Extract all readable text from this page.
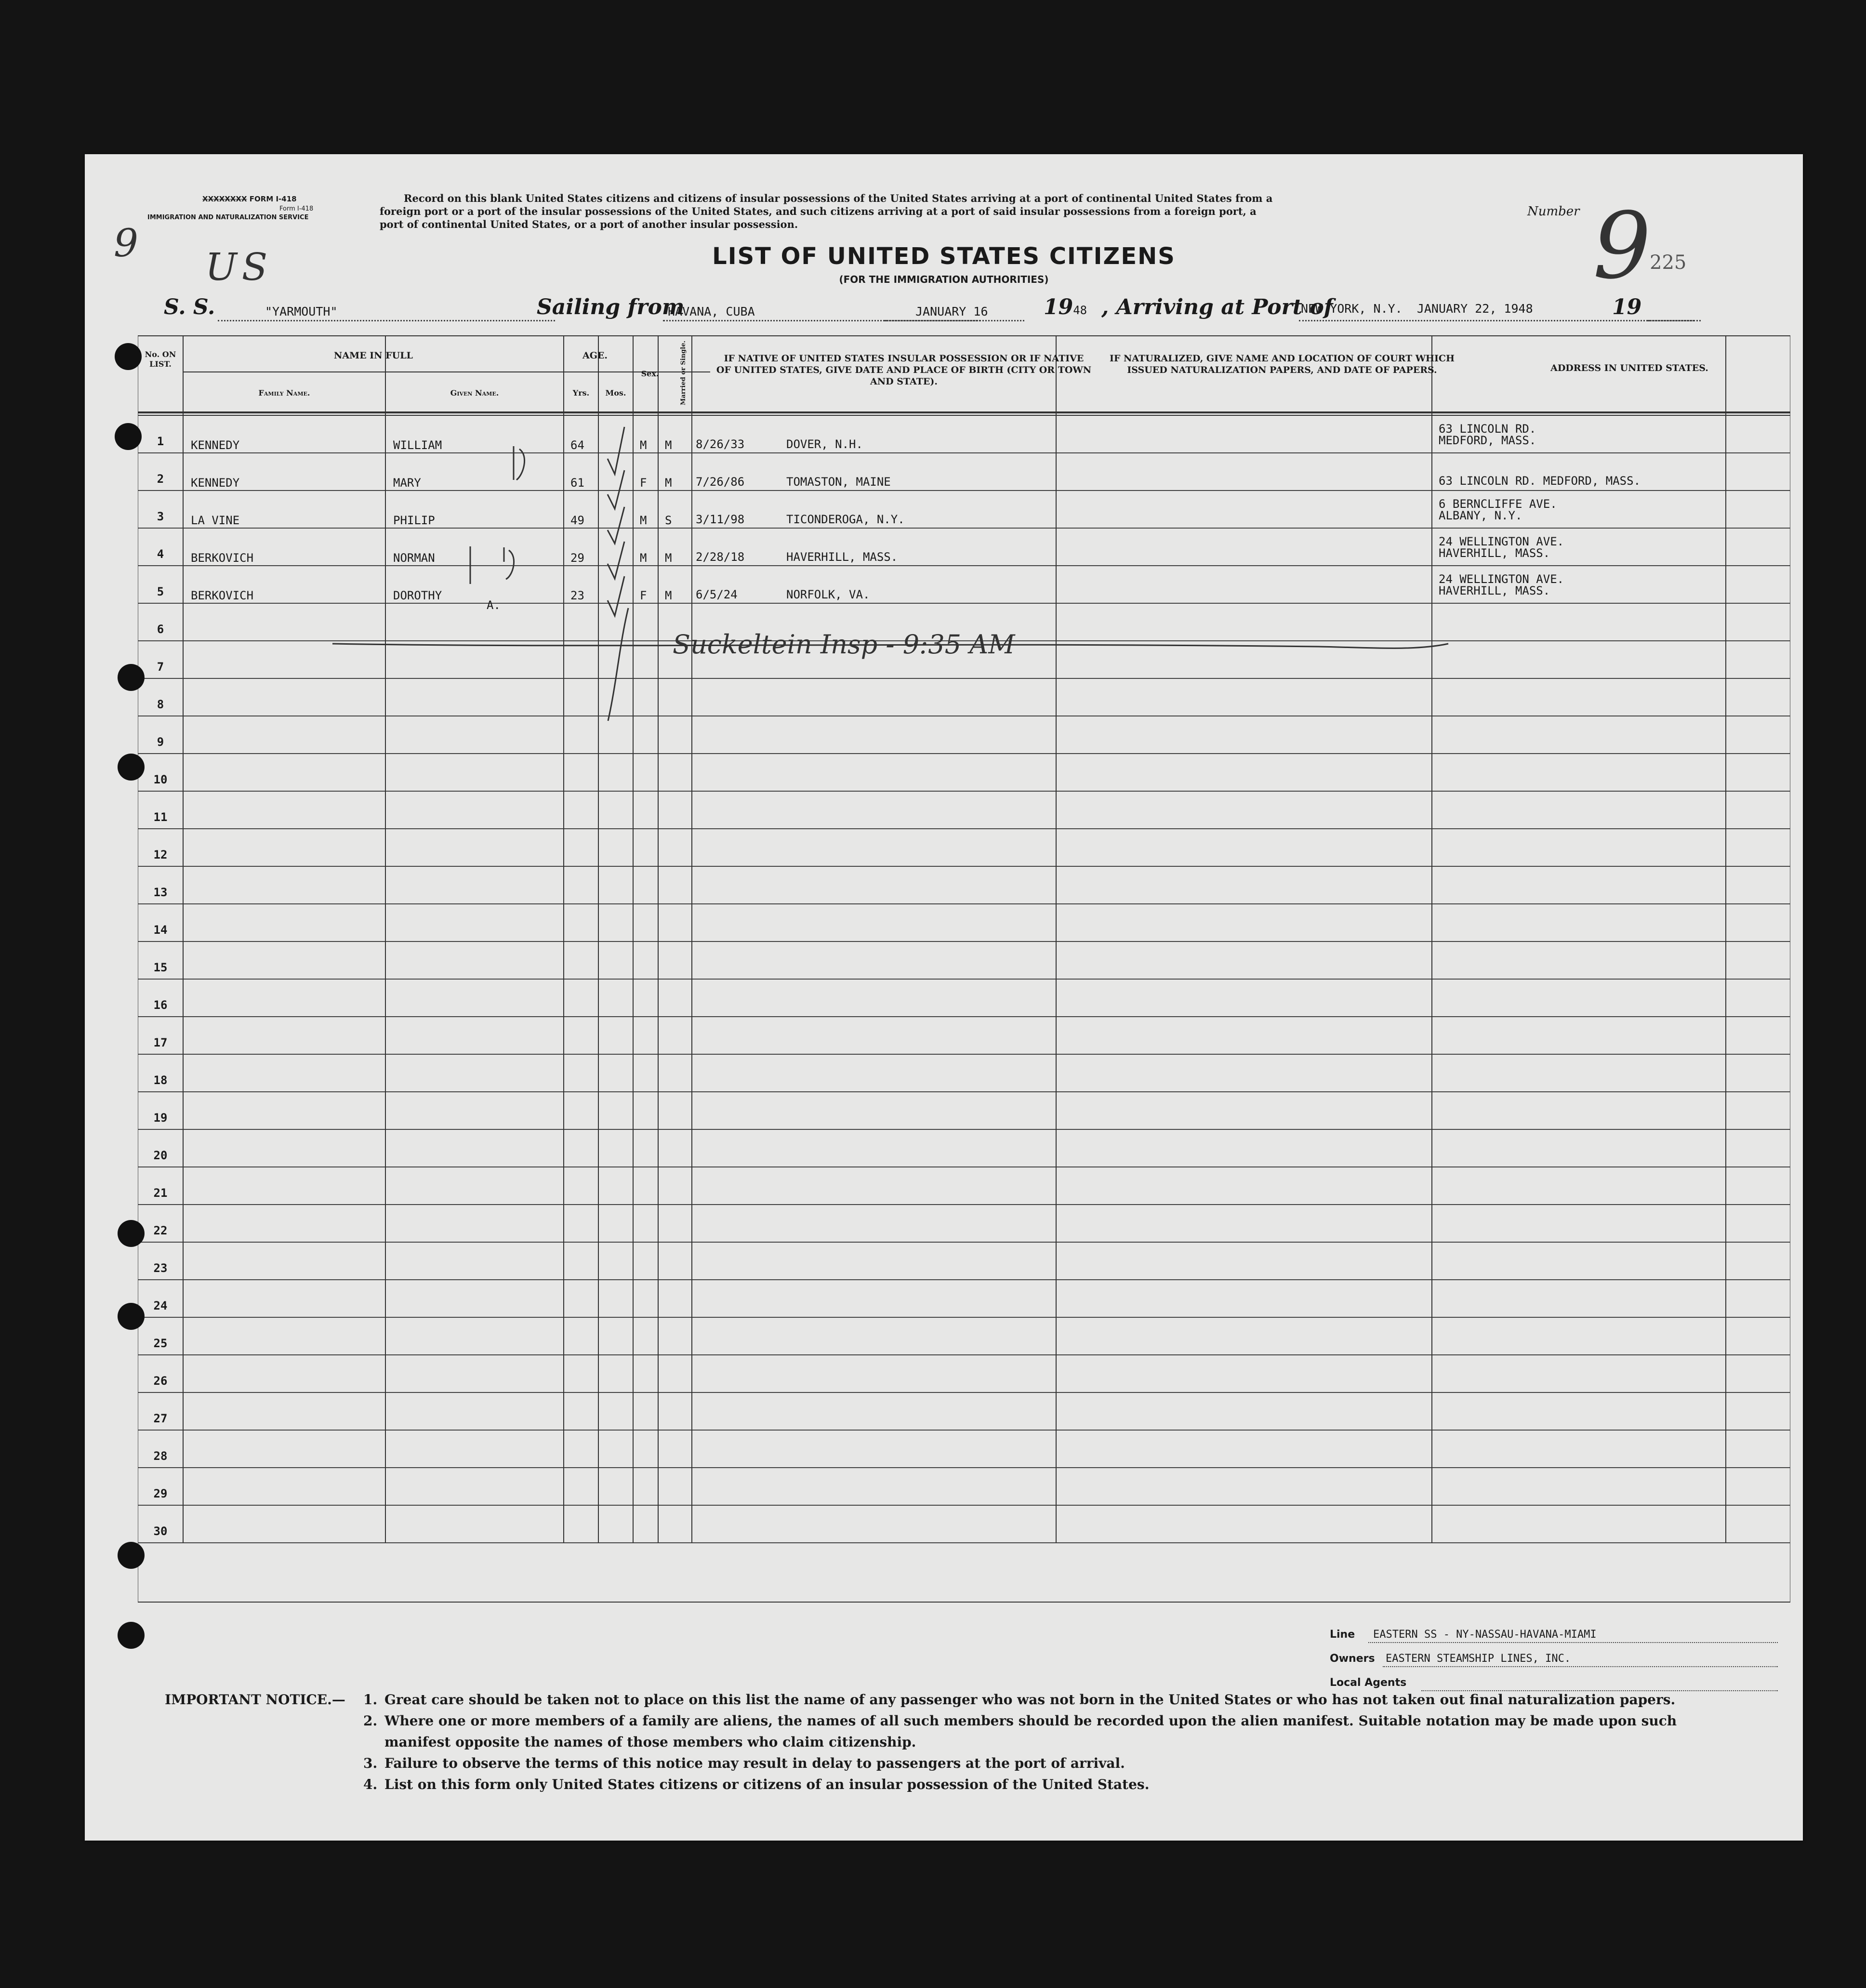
XXXXXXXX FORM I-418
Form I-418
IMMIGRATION AND NATURALIZATION SERVICE
9
US
Record on this blank United States citizens and citizens of insular possessions of the United States arriving at a port of continental United States from a
foreign port or a port of the insular possessions of the United States, and such citizens arriving at a port of said insular possessions from a foreign port, a
port of continental United States, or a port of another insular possession.
Number 9
225
LIST OF UNITED STATES CITIZENS
(FOR THE IMMIGRATION AUTHORITIES)
S. S.	"YARMOUTH"	Sailing from
HAVANA, CUBA	JANUARY 16	1948 , Arriving at Port of
NEW YORK, N.Y.  JANUARY 22, 1948	19
No. ON LIST.
NAME IN FULL
Family Name.	Given Name.
AGE.
Yrs.	Mos.
Sex.	Married or Single.	IF NATIVE OF UNITED STATES INSULAR POSSESSION OR IF NATIVE OF UNITED STATES, GIVE DATE AND PLACE OF BIRTH (CITY OR TOWN AND STATE).
IF NATURALIZED, GIVE NAME AND LOCATION OF COURT WHICH ISSUED NATURALIZATION PAPERS, AND DATE OF PAPERS.	ADDRESS IN UNITED STATES.
1	KENNEDY	WILLIAM	64	M M 8/26/33	DOVER, N.H.
63 LINCOLN RD.
MEDFORD, MASS.
2	KENNEDY	MARY	61	F M 7/26/86	TOMASTON, MAINE	63 LINCOLN RD. MEDFORD, MASS.
3	LA VINE	PHILIP	49	M S 3/11/98	TICONDEROGA, N.Y.
6 BERNCLIFFE AVE.
ALBANY, N.Y.
4	BERKOVICH	NORMAN	29	M M 2/28/18	HAVERHILL, MASS.
24 WELLINGTON AVE.
HAVERHILL, MASS.
5	BERKOVICH	DOROTHY	23	F M 6/5/24	NORFOLK, VA.
24 WELLINGTON AVE.
HAVERHILL, MASS.
6
7
8
9
10
11
12
13
14
15
16
17
18
19
20
21
22
23
24
25
26
27
28
29
30
Suckeltein Insp - 9:35 AM
A.
Line EASTERN SS - NY-NASSAU-HAVANA-MIAMI
Owners EASTERN STEAMSHIP LINES, INC.
Local Agents
IMPORTANT NOTICE.— 1. Great care should be taken not to place on this list the name of any passenger who was not born in the United States or who has not taken out final naturalization papers.
2. Where one or more members of a family are aliens, the names of all such members should be recorded upon the alien manifest. Suitable notation may be made upon such
manifest opposite the names of those members who claim citizenship.
3. Failure to observe the terms of this notice may result in delay to passengers at the port of arrival.
4. List on this form only United States citizens or citizens of an insular possession of the United States.
